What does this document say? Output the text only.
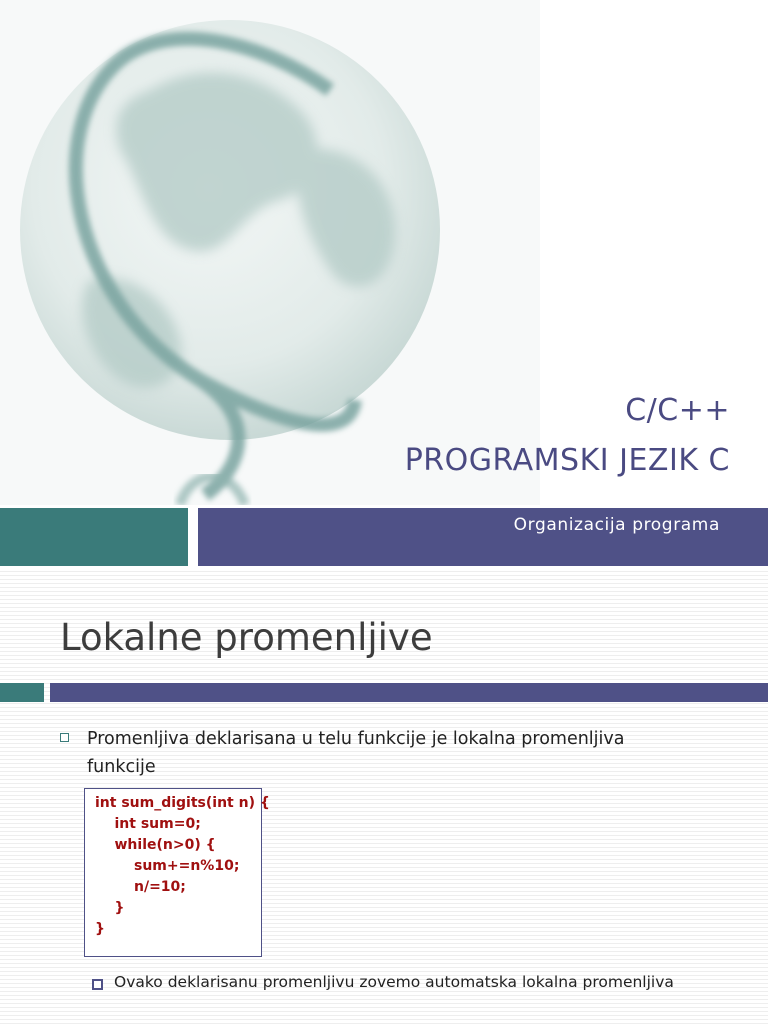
C/C++
PROGRAMSKI JEZIK C
Organizacija programa
Lokalne promenljive
Promenljiva deklarisana u telu funkcije je lokalna promenljiva funkcije
int sum_digits(int n) {
int sum=0;
while(n>0) {
sum+=n%10;
n/=10;
}
}
Ovako deklarisanu promenljivu zovemo automatska lokalna promenljiva
